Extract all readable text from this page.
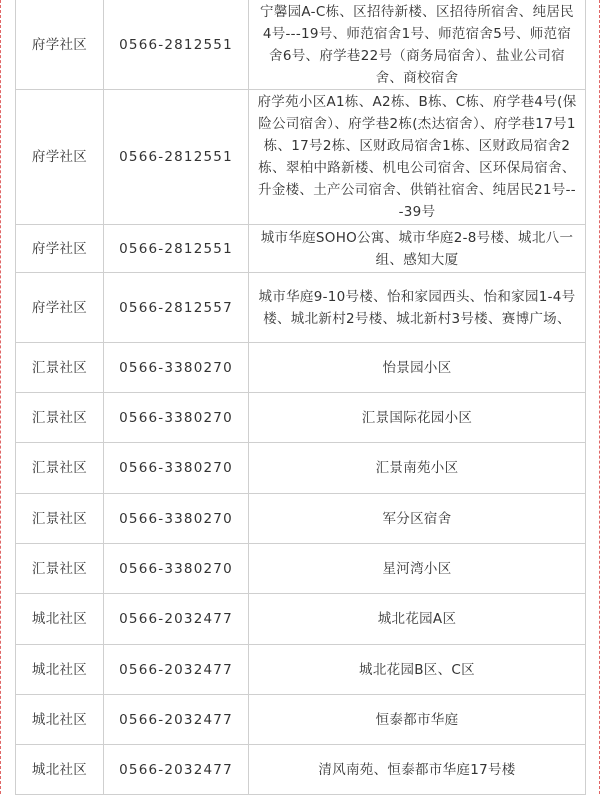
府学社区	0566-2812551	宁馨园A-C栋、区招待新楼、区招待所宿舍、纯居民4号---19号、师范宿舍1号、师范宿舍5号、师范宿舍6号、府学巷22号（商务局宿舍）、盐业公司宿舍、商校宿舍
府学社区	0566-2812551	府学苑小区A1栋、A2栋、B栋、C栋、府学巷4号(保险公司宿舍）、府学巷2栋(杰达宿舍）、府学巷17号1栋、17号2栋、区财政局宿舍1栋、区财政局宿舍2栋、翠柏中路新楼、机电公司宿舍、区环保局宿舍、升金楼、土产公司宿舍、供销社宿舍、纯居民21号---39号
府学社区	0566-2812551	城市华庭SOHO公寓、城市华庭2-8号楼、城北八一组、感知大厦
府学社区	0566-2812557	城市华庭9-10号楼、怡和家园西头、怡和家园1-4号楼、城北新村2号楼、城北新村3号楼、赛博广场、
汇景社区	0566-3380270	怡景园小区
汇景社区	0566-3380270	汇景国际花园小区
汇景社区	0566-3380270	汇景南苑小区
汇景社区	0566-3380270	军分区宿舍
汇景社区	0566-3380270	星河湾小区
城北社区	0566-2032477	城北花园A区
城北社区	0566-2032477	城北花园B区、C区
城北社区	0566-2032477	恒泰都市华庭
城北社区	0566-2032477	清风南苑、恒泰都市华庭17号楼
